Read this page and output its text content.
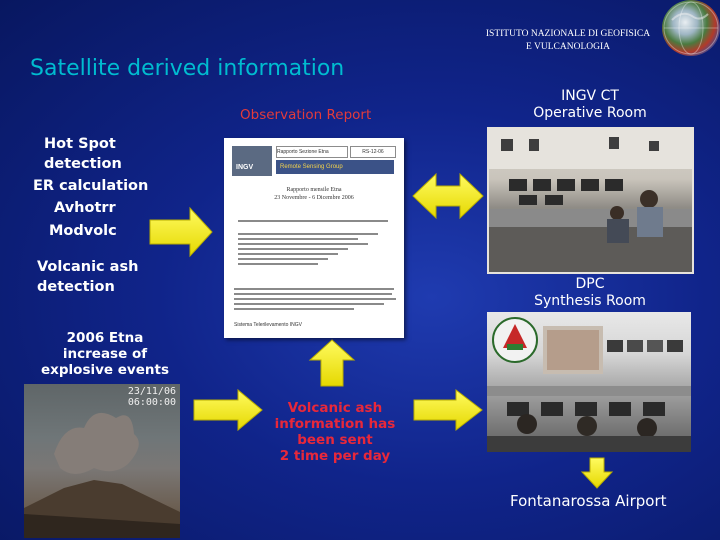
ISTITUTO NAZIONALE DI GEOFISICA
E VULCANOLOGIA
Satellite derived information
Observation Report
INGV CT
Operative Room
Hot Spot
detection
ER calculation
Avhotrr
Modvolc
Volcanic ash
detection
2006 Etna
increase of
explosive events
INGV
Rapporto Sezione Etna	RS-12-06
Remote Sensing Group
Rapporto mensile Etna
23 Novembre - 6 Dicembre 2006
Sistema Telerilevamento INGV
DPC
Synthesis Room
23/11/06
06:00:00	Volcanic ash
information has
been sent
2 time per day
Fontanarossa Airport
